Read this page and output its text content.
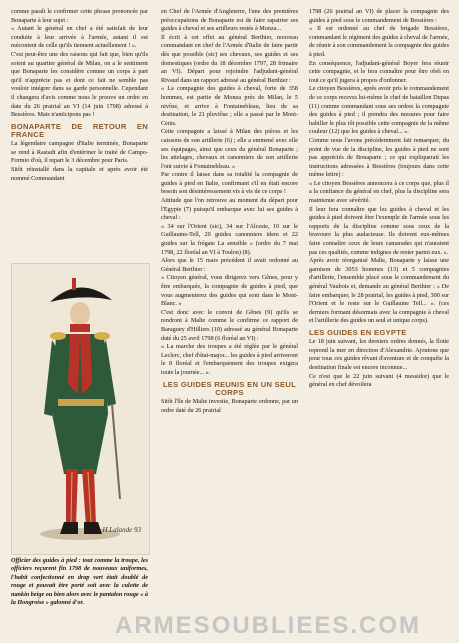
comme paraît le confirmer cette phrase prononcée par Bonaparte à leur sujet :

« Autant le général en chef a été satisfait de leur conduite à leur arrivée à l'armée, autant il est mécontent de celle qu'ils tiennent actuellement ! ».

C'est peut-être une des raisons qui fait que, bien qu'ils soient au quartier général de Milan, on a le sentiment que Bonaparte les considère comme un corps à part qu'il n'apprécie pas et dont ce fait ne semble pas vouloir intégrer dans sa garde personnelle. Cependant il changera d'avis comme nous le prouve un ordre en date du 26 prairial an VI (14 juin 1798) adressé à Bessières. Mais n'anticipons pas !

BONAPARTE DE RETOUR EN FRANCE

La légendaire campagne d'Italie terminée, Bonaparte se rend à Rastadt afin d'entériner le traité de Campo-Formio d'où, il repart le 3 décembre pour Paris.

Sitôt réinstallé dans la capitale et après avoir été nommé Commandant

H.Lalande 93
Officier des guides à pied : tout comme la troupe, les officiers reçurent fin 1798 de nouveaux uniformes, l'habit confectionné en drap vert était doublé de rouge et pouvait être porté soit avec la culotte de nankin beige ou bien alors avec le pantalon rouge « à la Hongroise » galonné d'or.

en Chef de l'Armée d'Angleterre, l'une des premières préoccupations de Bonaparte est de faire rapatrier ses guides à cheval et ses artilleurs restés à Monza...

Il écrit à cet effet au général Berthier, nouveau commandant en chef de l'Armée d'Italie de faire partir dès que possible (sic) ses chevaux, ses guides et ses domestiques (ordre du 18 décembre 1797, 28 frimaire an VI). Départ pour rejoindre l'adjudant-général Rivaud dans un rapport adressé au général Berthier :

« La compagnie des guides à cheval, forte de 358 hommes, est partie de Monza près de Milan, le 5 nivôse, et arrive à Fontainebleau, lieu de sa destination, le 21 pluviôse ; elle a passé par le Mont-Cenis.

Cette compagnie a laissé à Milan des pièces et les caissons de son artillerie (6) ; elle a emmené avec elle ses équipages, ainsi que ceux du général Bonaparte ; les attelages, chevaux et canonniers de son artillerie l'ont suivie à Fontainebleau. »

Par contre il laisse dans sa totalité la compagnie de guides à pied en Italie, confirmant s'il en était encore besoin son désintéressement vis à vis de ce corps !

Attitude que l'on retrouve au moment du départ pour l'Egypte (7) puisqu'il embarque avec lui ses guides à cheval :

« 34 sur l'Orient (sic), 34 sur l'Alceste, 10 sur le Guillaume-Tell, 20 guides canonniers idem et 22 guides sur la frégate La sensible » (ordre du 7 mai 1798, 22 floréal an VI à Toulon) (8).

Alors que le 15 mars précédent il avait ordonné au Général Berthier :

« Citoyen général, vous dirigerez vers Gênes, pour y être embarquée, la compagnie de guides à pied, que vous augmenterez des guides qui sont dans le Mont-Blanc. »

C'est donc avec le convoi de Gênes (9) qu'ils se rendront à Malte comme le confirme ce rapport de Baraguey d'Hilliers (10) adressé au général Bonaparte daté du 25 avril 1798 (6 floréal an VI) :

« La marche des troupes a été réglée par le général Leclerc, chef d'état-major... les guides à pied arriveront le 8 floréal et l'embarquement des troupes exigera toute la journée... ».

LES GUIDES REUNIS EN UN SEUL CORPS

Sitôt l'île de Malte investie, Bonaparte ordonne, par un ordre daté du 26 prairial

1798 (26 prairial an VI) de placer la compagnie des guides à pied sous le commandement de Bessières :

« Il est ordonné au chef de brigade Bessières, commandant le régiment des guides à cheval de l'armée, de réunir à son commandement la compagnie des guides à pied.

En conséquence, l'adjudant-général Boyer fera réunir cette compagnie, et le fera connaître pour être obéi en tout ce qu'il jugera à propos d'ordonner.

Le citoyen Bessières, après avoir pris le commandement de ce corps recevra lui-même le chef de bataillon Dupas (11) comme commandant sous ses ordres la compagnie des guides à pied ; il prendra des mesures pour faire habiller le plus tôt possible cette compagnie de la même couleur (12) que les guides à cheval... ».

Comme nous l'avons précédemment fait remarquer, du point de vue de la discipline, les guides à pied ne sont pas appréciés de Bonaparte ; ce qui expliquerait les instructions adressées à Bessières (toujours dans cette même lettre) :

« Le citoyen Bessières annoncera à ce corps que, plus il a la confiance du général en chef, plus la discipline sera maintenue avec sévérité.

Il leur fera connaître que les guides à cheval et les guides à pied doivent être l'exemple de l'armée sous les rapports de la discipline comme sous ceux de la bravoure la plus audacieuse. Ils doivent eux-mêmes faire connaître ceux de leurs camarades qui n'auraient pas ces qualités, comme indignes de rester parmi eux. ».

Après avoir réorganisé Malte, Bonaparte y laisse une garnison de 3053 hommes (13) et 5 compagnies d'artillerie, l'ensemble placé sous le commandement du général Vaubois et, demande au général Berthier : « De faire embarquer, le 28 prairial, les guides à pied, 300 sur l'Orient et le reste sur le Guillaume Tell... ». (ces derniers formant désormais avec la compagnie à cheval et l'artillerie des guides un seul et unique corps).

LES GUIDES EN EGYPTE

Le 18 juin suivant, les derniers ordres donnés, la flotte reprend la mer en direction d'Alexandrie. Ajoutons que pour tous ces guides rêvant d'aventure et de conquête la destination finale est encore inconnue...

Ce n'est que le 22 juin suivant (4 messidor) que le général en chef dévoilera

ARMESOUBLIEES.COM
